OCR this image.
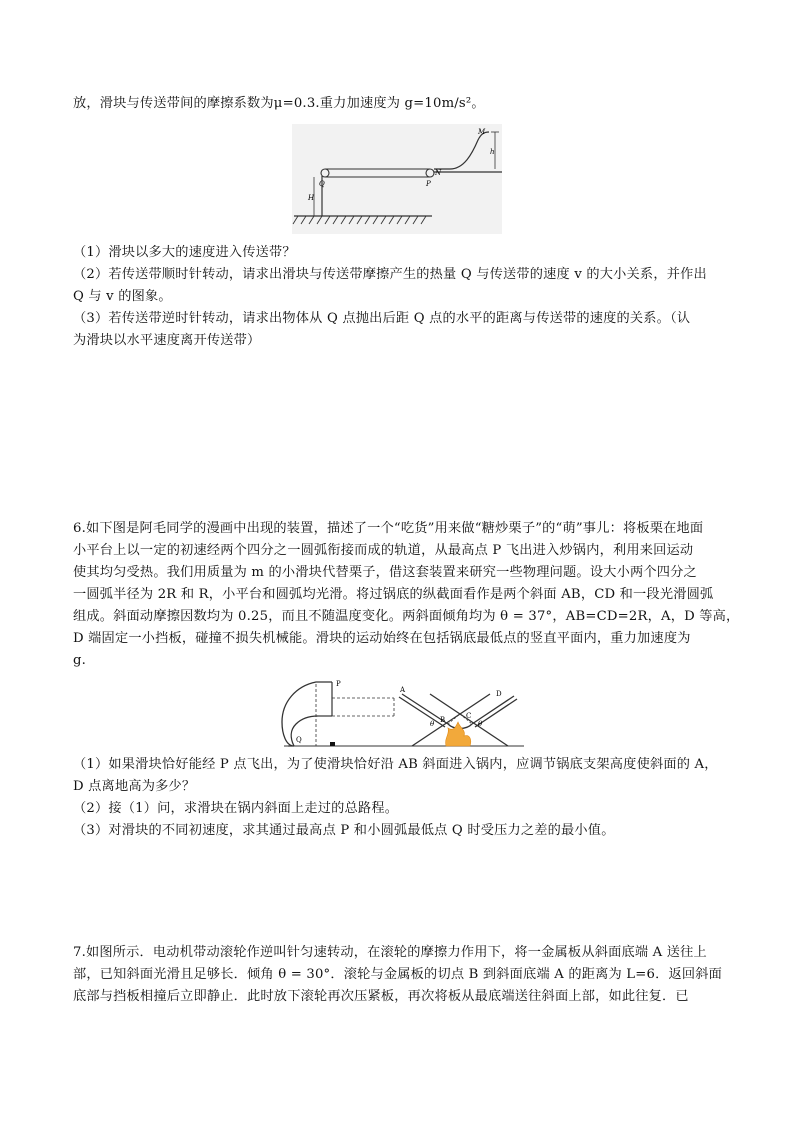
放，滑块与传送带间的摩擦系数为μ=0.3.重力加速度为 g=10m/s²。
M
h
Q	P
N
H
（1）滑块以多大的速度进入传送带？
（2）若传送带顺时针转动，请求出滑块与传送带摩擦产生的热量 Q 与传送带的速度 v 的大小关系，并作出
Q 与 v 的图象。
（3）若传送带逆时针转动，请求出物体从 Q 点抛出后距 Q 点的水平的距离与传送带的速度的关系。（认
为滑块以水平速度离开传送带）
6.如下图是阿毛同学的漫画中出现的装置，描述了一个“吃货”用来做“糖炒栗子”的“萌”事儿：将板栗在地面
小平台上以一定的初速经两个四分之一圆弧衔接而成的轨道，从最高点 P 飞出进入炒锅内，利用来回运动
使其均匀受热。我们用质量为 m 的小滑块代替栗子，借这套装置来研究一些物理问题。设大小两个四分之
一圆弧半径为 2R 和 R，小平台和圆弧均光滑。将过锅底的纵截面看作是两个斜面 AB，CD 和一段光滑圆弧
组成。斜面动摩擦因数均为 0.25，而且不随温度变化。两斜面倾角均为 θ = 37°，AB=CD=2R，A，D 等高，
D 端固定一小挡板，碰撞不损失机械能。滑块的运动始终在包括锅底最低点的竖直平面内，重力加速度为
g.
P
A
B	C
D
Q
θ	θ
（1）如果滑块恰好能经 P 点飞出，为了使滑块恰好沿 AB 斜面进入锅内，应调节锅底支架高度使斜面的 A，
D 点离地高为多少？
（2）接（1）问，求滑块在锅内斜面上走过的总路程。
（3）对滑块的不同初速度，求其通过最高点 P 和小圆弧最低点 Q 时受压力之差的最小值。
7.如图所示．电动机带动滚轮作逆叫针匀速转动，在滚轮的摩擦力作用下，将一金属板从斜面底端 A 送往上
部，已知斜面光滑且足够长．倾角 θ = 30°．滚轮与金属板的切点 B 到斜面底端 A 的距离为 L=6．返回斜面
底部与挡板相撞后立即静止．此时放下滚轮再次压紧板，再次将板从最底端送往斜面上部，如此往复．已
